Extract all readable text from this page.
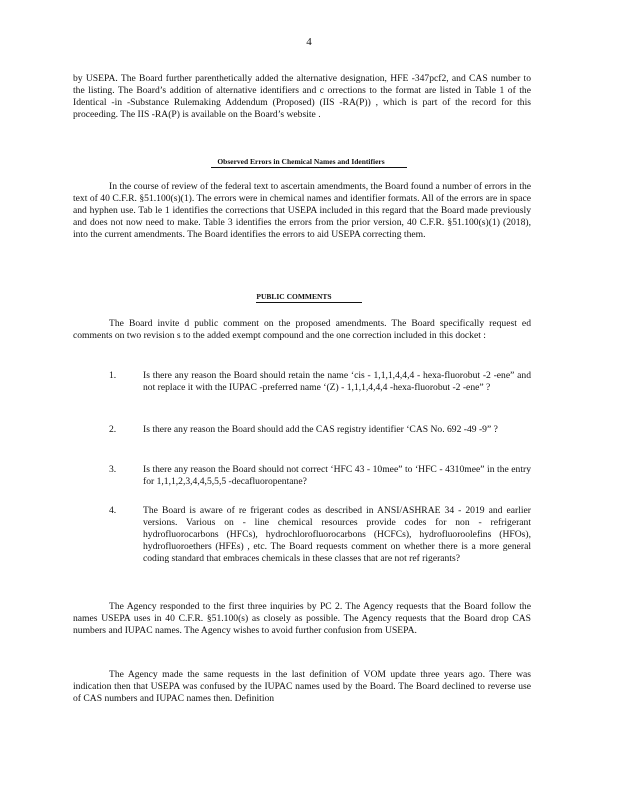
4

by USEPA. The Board further parenthetically added the alternative designation, HFE -347pcf2, and CAS number to the listing. The Board’s addition of alternative identifiers and c orrections to the format are listed in Table 1 of the Identical -in -Substance Rulemaking Addendum (Proposed) (IIS -RA(P)) , which is part of the record for this proceeding. The IIS -RA(P) is available on the Board’s website .

Observed Errors in Chemical Names and Identifiers

In the course of review of the federal text to ascertain amendments, the Board found a number of errors in the text of 40 C.F.R. §51.100(s)(1). The errors were in chemical names and identifier formats. All of the errors are in space and hyphen use. Tab le 1 identifies the corrections that USEPA included in this regard that the Board made previously and does not now need to make. Table 3 identifies the errors from the prior version, 40 C.F.R. §51.100(s)(1) (2018), into the current amendments. The Board identifies the errors to aid USEPA correcting them.

PUBLIC COMMENTS

The Board invite d public comment on the proposed amendments. The Board specifically request ed comments on two revision s to the added exempt compound and the one correction included in this docket :

1.	Is there any reason the Board should retain the name ‘cis - 1,1,1,4,4,4 - hexa-fluorobut -2 -ene” and not replace it with the IUPAC -preferred name ‘(Z) - 1,1,1,4,4,4 -hexa-fluorobut -2 -ene” ?

2.	Is there any reason the Board should add the CAS registry identifier ‘CAS No. 692 -49 -9” ?

3.	Is there any reason the Board should not correct ‘HFC 43 - 10mee” to ‘HFC - 4310mee” in the entry for 1,1,1,2,3,4,4,5,5,5 -decafluoropentane?

4.	The Board is aware of re frigerant codes as described in ANSI/ASHRAE 34 - 2019 and earlier versions. Various on - line chemical resources provide codes for non - refrigerant hydrofluorocarbons (HFCs), hydrochlorofluorocarbons (HCFCs), hydrofluoroolefins (HFOs), hydrofluoroethers (HFEs) , etc. The Board requests comment on whether there is a more general coding standard that embraces chemicals in these classes that are not ref rigerants?

The Agency responded to the first three inquiries by PC 2. The Agency requests that the Board follow the names USEPA uses in 40 C.F.R. §51.100(s) as closely as possible. The Agency requests that the Board drop CAS numbers and IUPAC names. The Agency wishes to avoid further confusion from USEPA.

The Agency made the same requests in the last definition of VOM update three years ago. There was indication then that USEPA was confused by the IUPAC names used by the Board. The Board declined to reverse use of CAS numbers and IUPAC names then. Definition
